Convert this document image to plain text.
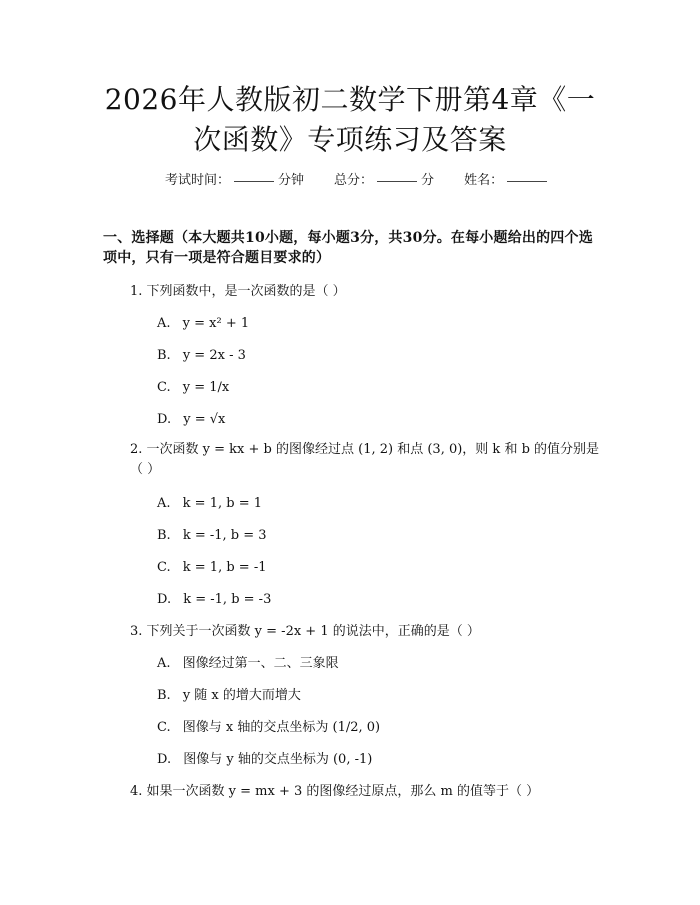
2026年人教版初二数学下册第4章《一次函数》专项练习及答案
考试时间：	分钟 总分：	分 姓名：
一、选择题（本大题共10小题，每小题3分，共30分。在每小题给出的四个选项中，只有一项是符合题目要求的）
1. 下列函数中，是一次函数的是（ ）
A. y = x² + 1
B. y = 2x - 3
C. y = 1/x
D. y = √x
2. 一次函数 y = kx + b 的图像经过点 (1, 2) 和点 (3, 0)，则 k 和 b 的值分别是（ ）
A. k = 1, b = 1
B. k = -1, b = 3
C. k = 1, b = -1
D. k = -1, b = -3
3. 下列关于一次函数 y = -2x + 1 的说法中，正确的是（ ）
A. 图像经过第一、二、三象限
B. y 随 x 的增大而增大
C. 图像与 x 轴的交点坐标为 (1/2, 0)
D. 图像与 y 轴的交点坐标为 (0, -1)
4. 如果一次函数 y = mx + 3 的图像经过原点，那么 m 的值等于（ ）
